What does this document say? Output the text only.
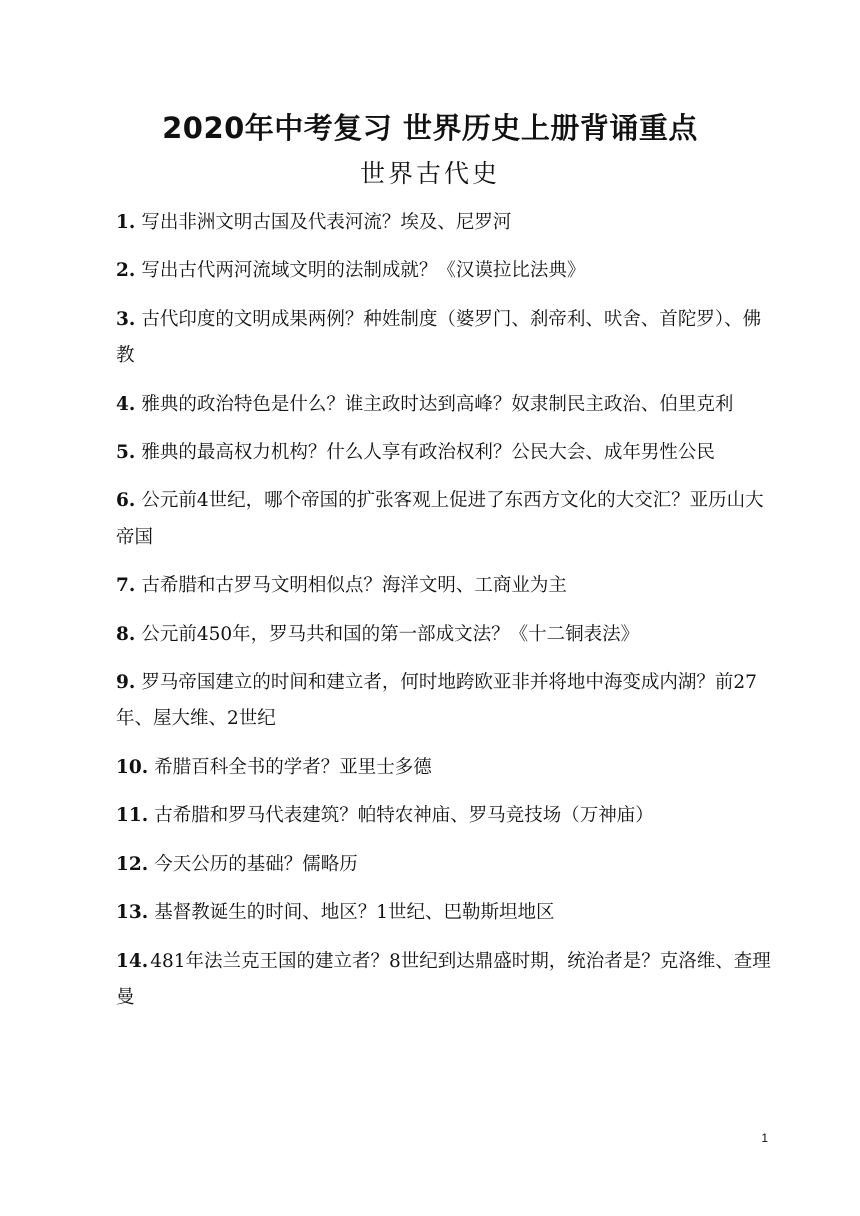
2020年中考复习 世界历史上册背诵重点
世界古代史
1. 写出非洲文明古国及代表河流？埃及、尼罗河
2. 写出古代两河流域文明的法制成就？《汉谟拉比法典》
3. 古代印度的文明成果两例？种姓制度（婆罗门、刹帝利、吠舍、首陀罗）、佛教
4. 雅典的政治特色是什么？谁主政时达到高峰？奴隶制民主政治、伯里克利
5. 雅典的最高权力机构？什么人享有政治权利？公民大会、成年男性公民
6. 公元前4世纪，哪个帝国的扩张客观上促进了东西方文化的大交汇？亚历山大帝国
7. 古希腊和古罗马文明相似点？海洋文明、工商业为主
8. 公元前450年，罗马共和国的第一部成文法？《十二铜表法》
9. 罗马帝国建立的时间和建立者，何时地跨欧亚非并将地中海变成内湖？前27年、屋大维、2世纪
10. 希腊百科全书的学者？亚里士多德
11. 古希腊和罗马代表建筑？帕特农神庙、罗马竞技场（万神庙）
12. 今天公历的基础？儒略历
13. 基督教诞生的时间、地区？1世纪、巴勒斯坦地区
14. 481年法兰克王国的建立者？8世纪到达鼎盛时期，统治者是？克洛维、查理曼
1
